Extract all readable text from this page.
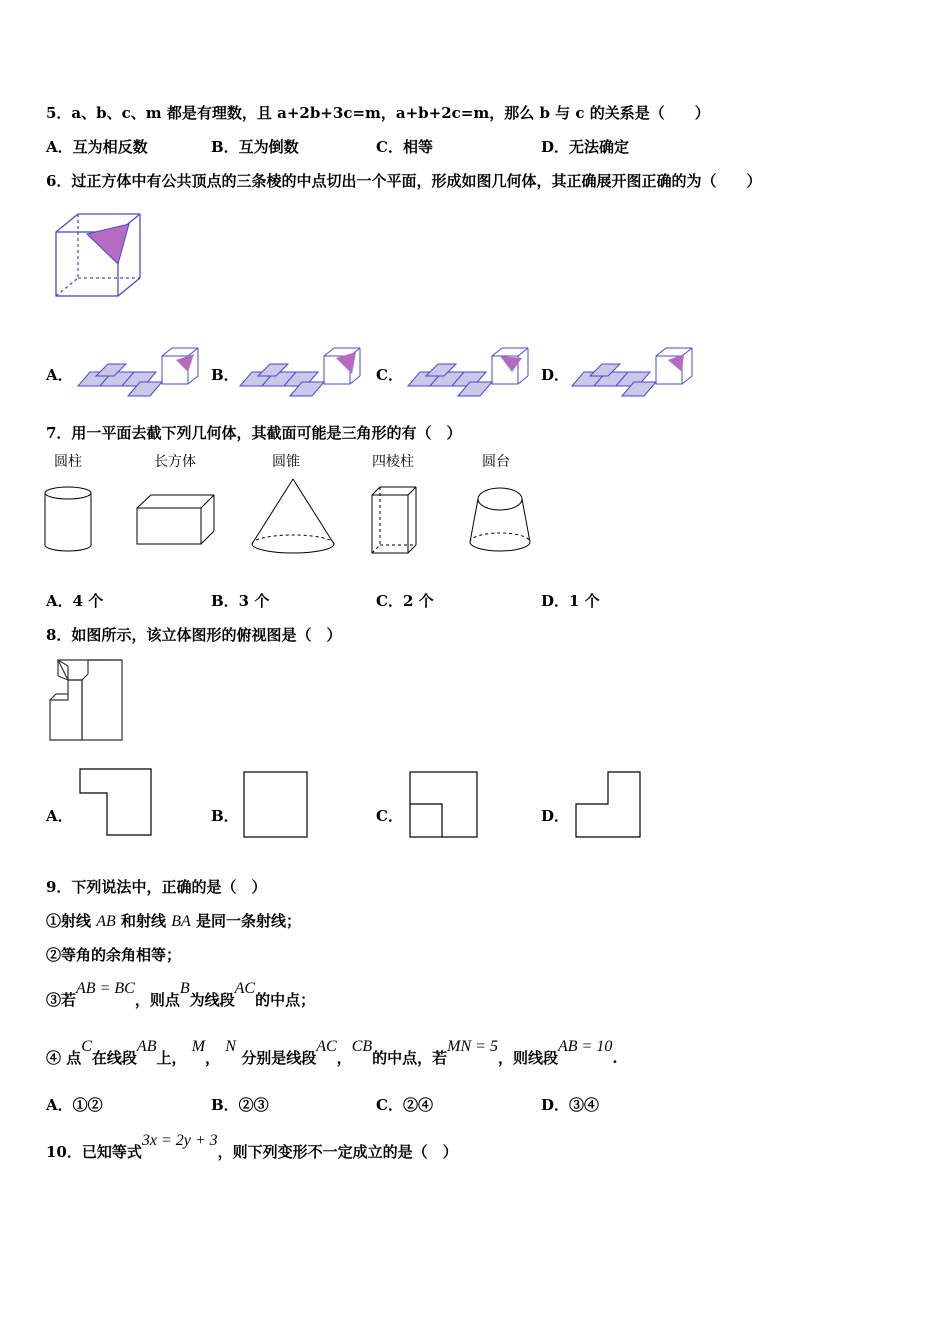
5．a、b、c、m 都是有理数，且 a+2b+3c=m，a+b+2c=m，那么 b 与 c 的关系是（　　）
A．互为相反数	B．互为倒数	C．相等	D．无法确定
6．过正方体中有公共顶点的三条棱的中点切出一个平面，形成如图几何体，其正确展开图正确的为（　　）
A．	B．	C．	D．
7．用一平面去截下列几何体，其截面可能是三角形的有（　）
圆柱	长方体	圆锥	四棱柱	圆台
A．4 个	B．3 个	C．2 个	D．1 个
8．如图所示，该立体图形的俯视图是（　）
A．	B．	C．	D．
9．下列说法中，正确的是（　）
①射线 AB 和射线 BA 是同一条射线；
②等角的余角相等；
③若AB = BC，则点B为线段AC的中点；
④ 点C在线段AB上， M， N 分别是线段AC，CB的中点，若MN = 5，则线段AB = 10.
A．①②	B．②③	C．②④	D．③④
10．已知等式3x = 2y + 3，则下列变形不一定成立的是（　）
